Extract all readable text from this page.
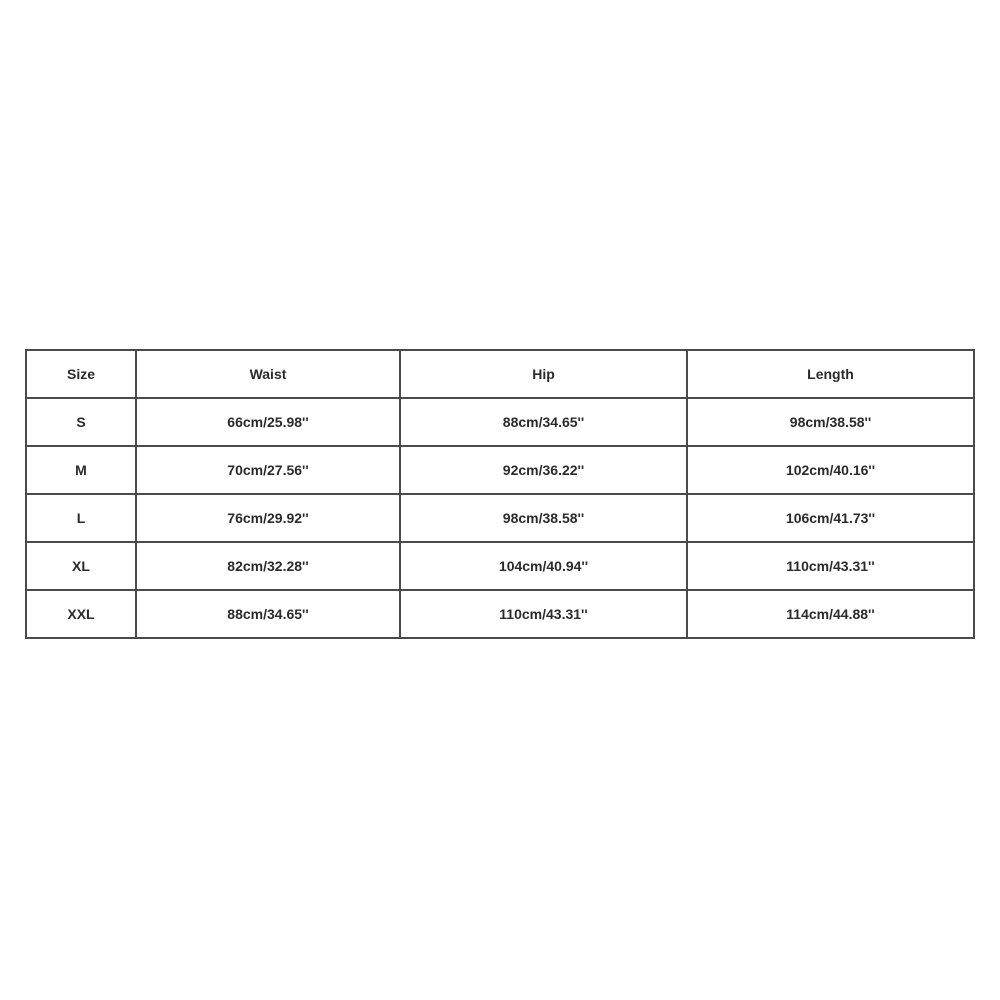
Size	Waist	Hip	Length
S	66cm/25.98''	88cm/34.65''	98cm/38.58''
M	70cm/27.56''	92cm/36.22''	102cm/40.16''
L	76cm/29.92''	98cm/38.58''	106cm/41.73''
XL	82cm/32.28''	104cm/40.94''	110cm/43.31''
XXL	88cm/34.65''	110cm/43.31''	114cm/44.88''
